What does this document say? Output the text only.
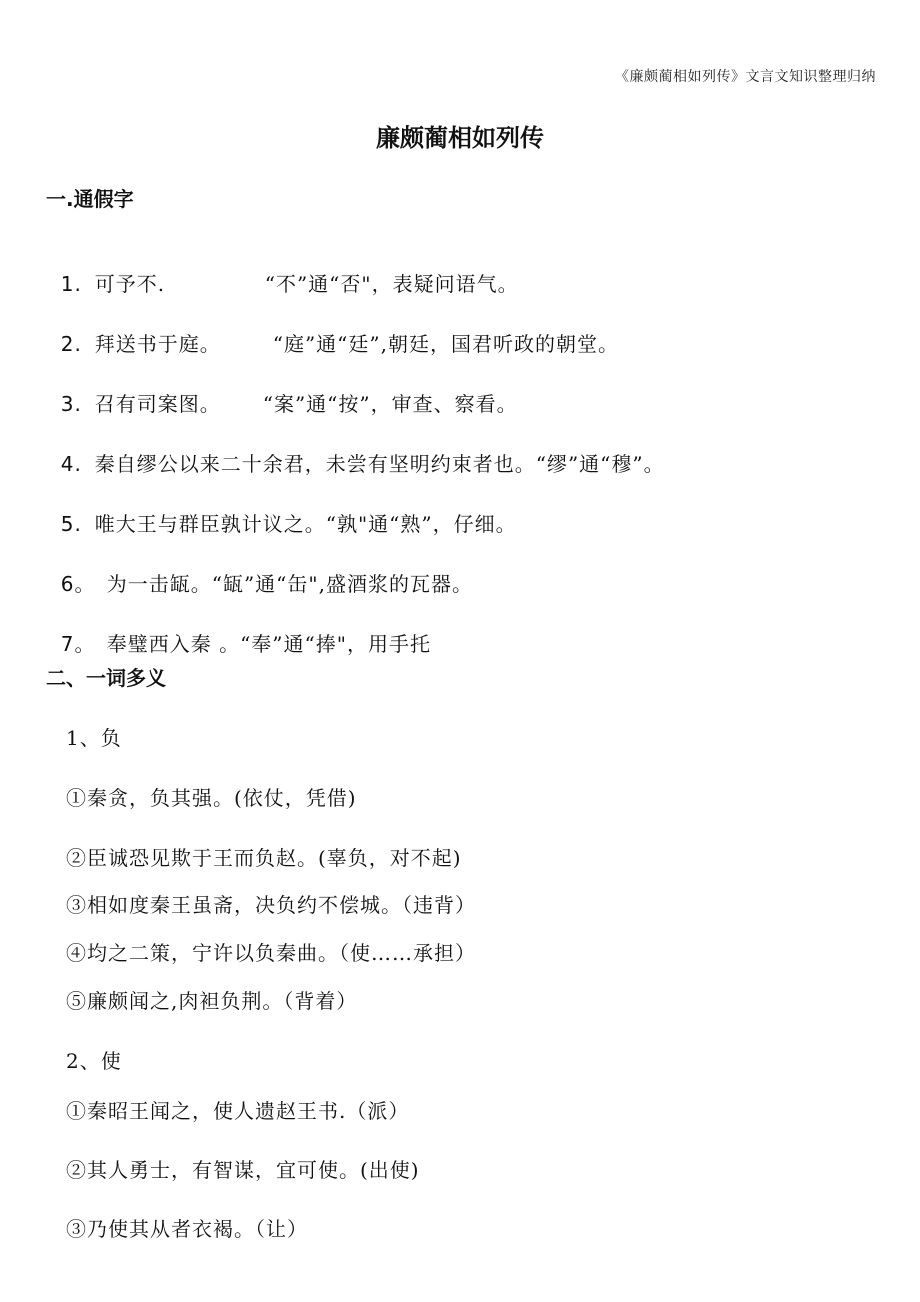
《廉颇蔺相如列传》文言文知识整理归纳
廉颇蔺相如列传
一.通假字

1. 可予不.	“不”通“否"，表疑问语气。

2. 拜送书于庭。	“庭”通“廷”,朝廷，国君听政的朝堂。

3. 召有司案图。 “案”通“按”，审查、察看。

4. 秦自缪公以来二十余君，未尝有坚明约束者也。“缪”通“穆”。

5. 唯大王与群臣孰计议之。“孰"通“熟”，仔细。

6。 为一击缻。“缻”通“缶",盛酒浆的瓦器。

7。 奉璧西入秦 。“奉”通“捧"，用手托

二、一词多义
1、负
①秦贪，负其强。(依仗，凭借)
②臣诚恐见欺于王而负赵。(辜负，对不起)
③相如度秦王虽斋，决负约不偿城。（违背）
④均之二策，宁许以负秦曲。（使……承担）
⑤廉颇闻之,肉袒负荆。（背着）
2、使
①秦昭王闻之，使人遗赵王书.（派）
②其人勇士，有智谋，宜可使。(出使)
③乃使其从者衣褐。（让）
